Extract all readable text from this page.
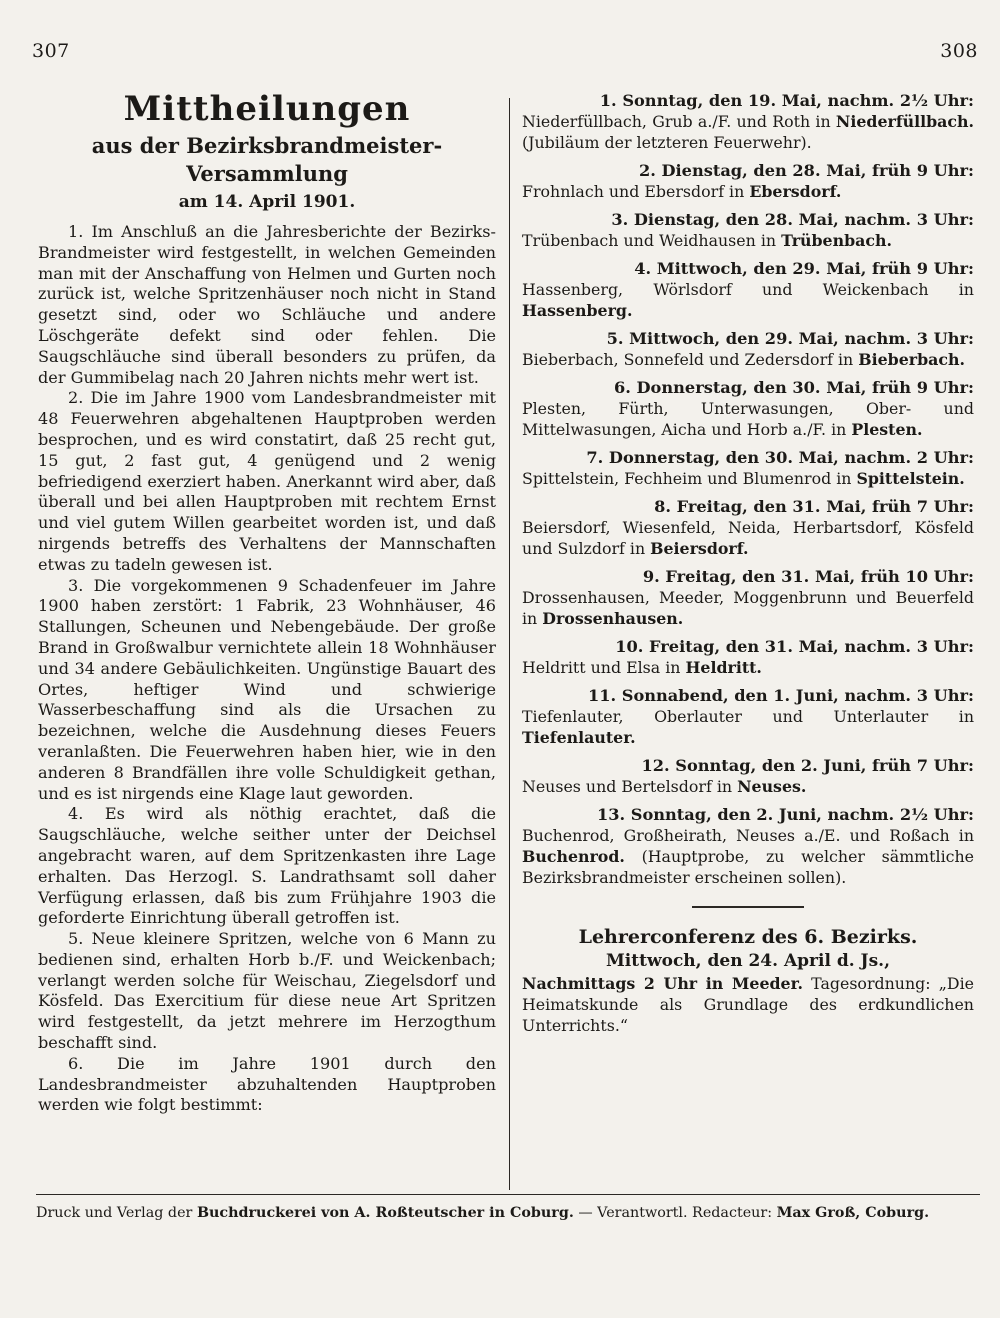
307	308
Mittheilungen
aus der Bezirksbrandmeister-Versammlung
am 14. April 1901.

1. Im Anschluß an die Jahresberichte der Bezirks-Brandmeister wird festgestellt, in welchen Gemeinden man mit der Anschaffung von Helmen und Gurten noch zurück ist, welche Spritzenhäuser noch nicht in Stand gesetzt sind, oder wo Schläuche und andere Löschgeräte defekt sind oder fehlen. Die Saugschläuche sind überall besonders zu prüfen, da der Gummibelag nach 20 Jahren nichts mehr wert ist.

2. Die im Jahre 1900 vom Landesbrandmeister mit 48 Feuerwehren abgehaltenen Hauptproben werden besprochen, und es wird constatirt, daß 25 recht gut, 15 gut, 2 fast gut, 4 genügend und 2 wenig befriedigend exerziert haben. Anerkannt wird aber, daß überall und bei allen Hauptproben mit rechtem Ernst und viel gutem Willen gearbeitet worden ist, und daß nirgends betreffs des Verhaltens der Mannschaften etwas zu tadeln gewesen ist.

3. Die vorgekommenen 9 Schadenfeuer im Jahre 1900 haben zerstört: 1 Fabrik, 23 Wohnhäuser, 46 Stallungen, Scheunen und Nebengebäude. Der große Brand in Großwalbur vernichtete allein 18 Wohnhäuser und 34 andere Gebäulichkeiten. Ungünstige Bauart des Ortes, heftiger Wind und schwierige Wasserbeschaffung sind als die Ursachen zu bezeichnen, welche die Ausdehnung dieses Feuers veranlaßten. Die Feuerwehren haben hier, wie in den anderen 8 Brandfällen ihre volle Schuldigkeit gethan, und es ist nirgends eine Klage laut geworden.

4. Es wird als nöthig erachtet, daß die Saugschläuche, welche seither unter der Deichsel angebracht waren, auf dem Spritzenkasten ihre Lage erhalten. Das Herzogl. S. Landrathsamt soll daher Verfügung erlassen, daß bis zum Frühjahre 1903 die geforderte Einrichtung überall getroffen ist.

5. Neue kleinere Spritzen, welche von 6 Mann zu bedienen sind, erhalten Horb b./F. und Weickenbach; verlangt werden solche für Weischau, Ziegelsdorf und Kösfeld. Das Exercitium für diese neue Art Spritzen wird festgestellt, da jetzt mehrere im Herzogthum beschafft sind.

6. Die im Jahre 1901 durch den Landesbrandmeister abzuhaltenden Hauptproben werden wie folgt bestimmt:

1. Sonntag, den 19. Mai, nachm. 2½ Uhr:

Niederfüllbach, Grub a./F. und Roth in Niederfüllbach. (Jubiläum der letzteren Feuerwehr).

2. Dienstag, den 28. Mai, früh 9 Uhr:

Frohnlach und Ebersdorf in Ebersdorf.

3. Dienstag, den 28. Mai, nachm. 3 Uhr:

Trübenbach und Weidhausen in Trübenbach.

4. Mittwoch, den 29. Mai, früh 9 Uhr:

Hassenberg, Wörlsdorf und Weickenbach in Hassenberg.

5. Mittwoch, den 29. Mai, nachm. 3 Uhr:

Bieberbach, Sonnefeld und Zedersdorf in Bieberbach.

6. Donnerstag, den 30. Mai, früh 9 Uhr:

Plesten, Fürth, Unterwasungen, Ober- und Mittelwasungen, Aicha und Horb a./F. in Plesten.

7. Donnerstag, den 30. Mai, nachm. 2 Uhr:

Spittelstein, Fechheim und Blumenrod in Spittelstein.

8. Freitag, den 31. Mai, früh 7 Uhr:

Beiersdorf, Wiesenfeld, Neida, Herbartsdorf, Kösfeld und Sulzdorf in Beiersdorf.

9. Freitag, den 31. Mai, früh 10 Uhr:

Drossenhausen, Meeder, Moggenbrunn und Beuerfeld in Drossenhausen.

10. Freitag, den 31. Mai, nachm. 3 Uhr:

Heldritt und Elsa in Heldritt.

11. Sonnabend, den 1. Juni, nachm. 3 Uhr:

Tiefenlauter, Oberlauter und Unterlauter in Tiefenlauter.

12. Sonntag, den 2. Juni, früh 7 Uhr:

Neuses und Bertelsdorf in Neuses.

13. Sonntag, den 2. Juni, nachm. 2½ Uhr:

Buchenrod, Großheirath, Neuses a./E. und Roßach in Buchenrod. (Hauptprobe, zu welcher sämmtliche Bezirksbrandmeister erscheinen sollen).

Lehrerconferenz des 6. Bezirks.
Mittwoch, den 24. April d. Js.,

Nachmittags 2 Uhr in Meeder. Tagesordnung: „Die Heimatskunde als Grundlage des erdkundlichen Unterrichts.“

Druck und Verlag der Buchdruckerei von A. Roßteutscher in Coburg. — Verantwortl. Redacteur: Max Groß, Coburg.
